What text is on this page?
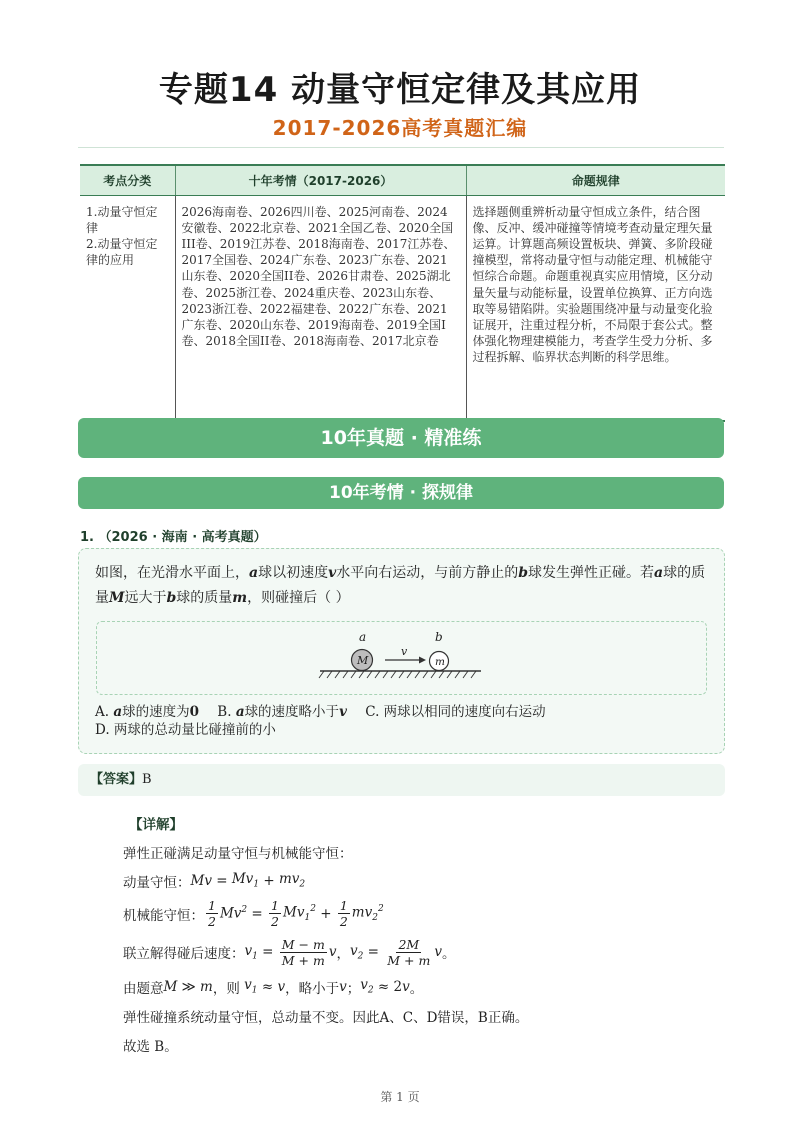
专题14 动量守恒定律及其应用
2017-2026高考真题汇编
考点分类	十年考情（2017-2026）	命题规律
1.动量守恒定律
2.动量守恒定律的应用	2026海南卷、2026四川卷、2025河南卷、2024安徽卷、2022北京卷、2021全国乙卷、2020全国III卷、2019江苏卷、2018海南卷、2017江苏卷、2017全国卷、2024广东卷、2023广东卷、2021山东卷、2020全国II卷、2026甘肃卷、2025湖北卷、2025浙江卷、2024重庆卷、2023山东卷、2023浙江卷、2022福建卷、2022广东卷、2021广东卷、2020山东卷、2019海南卷、2019全国I卷、2018全国II卷、2018海南卷、2017北京卷	选择题侧重辨析动量守恒成立条件，结合图像、反冲、缓冲碰撞等情境考查动量定理矢量运算。计算题高频设置板块、弹簧、多阶段碰撞模型，常将动量守恒与动能定理、机械能守恒综合命题。命题重视真实应用情境，区分动量矢量与动能标量，设置单位换算、正方向选取等易错陷阱。实验题围绕冲量与动量变化验证展开，注重过程分析，不局限于套公式。整体强化物理建模能力，考查学生受力分析、多过程拆解、临界状态判断的科学思维。
10年真题 · 精准练
10年考情 · 探规律
1. （2026 · 海南 · 高考真题）
如图，在光滑水平面上，a球以初速度v水平向右运动，与前方静止的b球发生弹性正碰。若a球的质量M远大于b球的质量m，则碰撞后（ ）
a
M
v
b
m
A. a球的速度为0 B. a球的速度略小于v C. 两球以相同的速度向右运动
D. 两球的总动量比碰撞前的小
【答案】B
【详解】
弹性正碰满足动量守恒与机械能守恒：
动量守恒： $Mv = Mv_1 + mv_2$
机械能守恒： $\frac{1}{2} Mv^2 = \frac{1}{2} Mv_1^2 + \frac{1}{2} mv_2^2$
联立解得碰后速度： $v_1 = \frac{M - m}{M + m}$ v ， $v_2 = \frac{2M}{M + m}$ v 。
由题意 M ≫ m ，则
$v_1 \approx v$ ，略小于 v ； $v_2 \approx 2$ v 。
弹性碰撞系统动量守恒，总动量不变。因此A、C、D错误，B正确。
故选 B。
第 1 页
